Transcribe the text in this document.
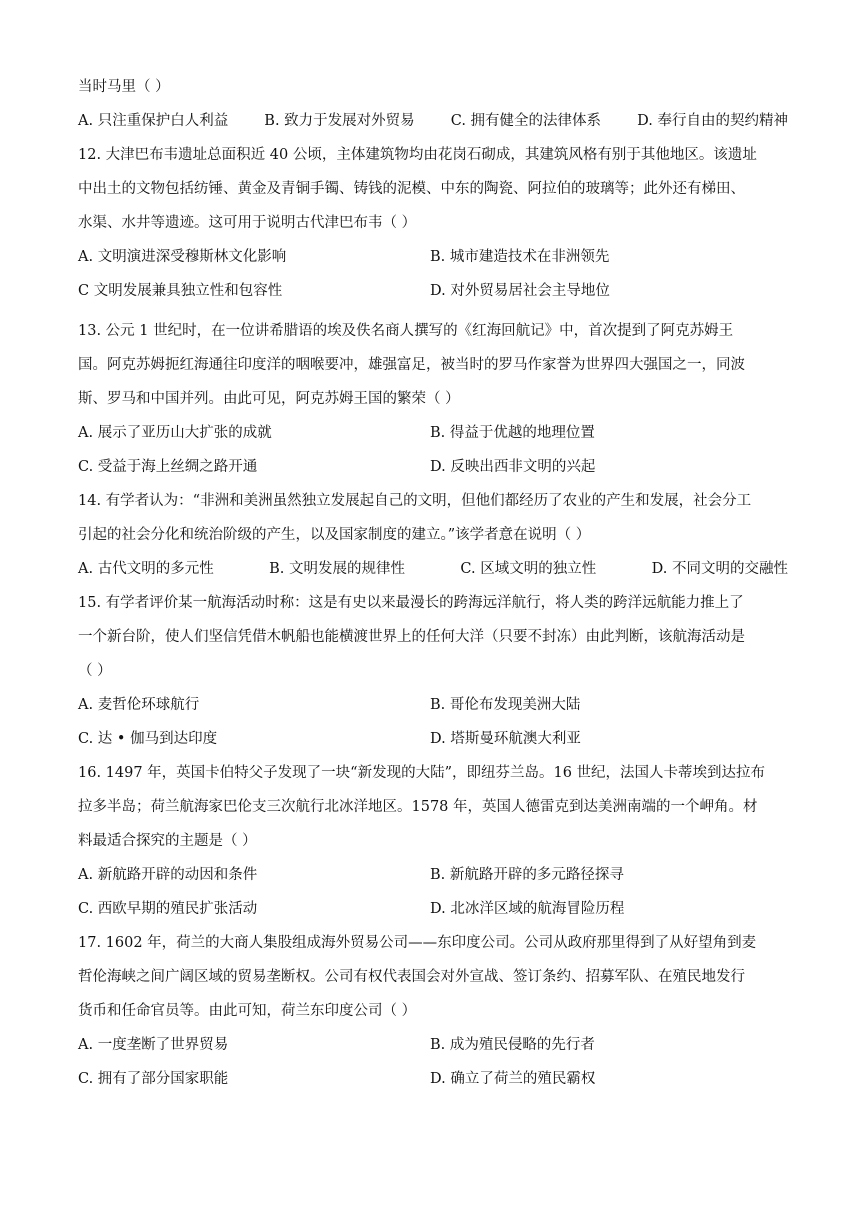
当时马里（ ）
A. 只注重保护白人利益 B. 致力于发展对外贸易 C. 拥有健全的法律体系 D. 奉行自由的契约精神
12. 大津巴布韦遗址总面积近 40 公顷，主体建筑物均由花岗石砌成，其建筑风格有别于其他地区。该遗址
中出土的文物包括纺锤、黄金及青铜手镯、铸钱的泥模、中东的陶瓷、阿拉伯的玻璃等；此外还有梯田、
水渠、水井等遗迹。这可用于说明古代津巴布韦（ ）
A. 文明演进深受穆斯林文化影响	B. 城市建造技术在非洲领先
C 文明发展兼具独立性和包容性	D. 对外贸易居社会主导地位
13. 公元 1 世纪时，在一位讲希腊语的埃及佚名商人撰写的《红海回航记》中，首次提到了阿克苏姆王
国。阿克苏姆扼红海通往印度洋的咽喉要冲，雄强富足，被当时的罗马作家誉为世界四大强国之一，同波
斯、罗马和中国并列。由此可见，阿克苏姆王国的繁荣（ ）
A. 展示了亚历山大扩张的成就	B. 得益于优越的地理位置
C. 受益于海上丝绸之路开通	D. 反映出西非文明的兴起
14. 有学者认为：“非洲和美洲虽然独立发展起自己的文明，但他们都经历了农业的产生和发展，社会分工
引起的社会分化和统治阶级的产生，以及国家制度的建立。”该学者意在说明（ ）
A. 古代文明的多元性	B. 文明发展的规律性	C. 区域文明的独立性	D. 不同文明的交融性
15. 有学者评价某一航海活动时称：这是有史以来最漫长的跨海远洋航行，将人类的跨洋远航能力推上了
一个新台阶，使人们坚信凭借木帆船也能横渡世界上的任何大洋（只要不封冻）由此判断，该航海活动是
（ ）
A. 麦哲伦环球航行	B. 哥伦布发现美洲大陆
C. 达 • 伽马到达印度	D. 塔斯曼环航澳大利亚
16. 1497 年，英国卡伯特父子发现了一块“新发现的大陆”，即纽芬兰岛。16 世纪，法国人卡蒂埃到达拉布
拉多半岛；荷兰航海家巴伦支三次航行北冰洋地区。1578 年，英国人德雷克到达美洲南端的一个岬角。材
料最适合探究的主题是（ ）
A. 新航路开辟的动因和条件	B. 新航路开辟的多元路径探寻
C. 西欧早期的殖民扩张活动	D. 北冰洋区域的航海冒险历程
17. 1602 年，荷兰的大商人集股组成海外贸易公司——东印度公司。公司从政府那里得到了从好望角到麦
哲伦海峡之间广阔区域的贸易垄断权。公司有权代表国会对外宣战、签订条约、招募军队、在殖民地发行
货币和任命官员等。由此可知，荷兰东印度公司（ ）
A. 一度垄断了世界贸易	B. 成为殖民侵略的先行者
C. 拥有了部分国家职能	D. 确立了荷兰的殖民霸权
